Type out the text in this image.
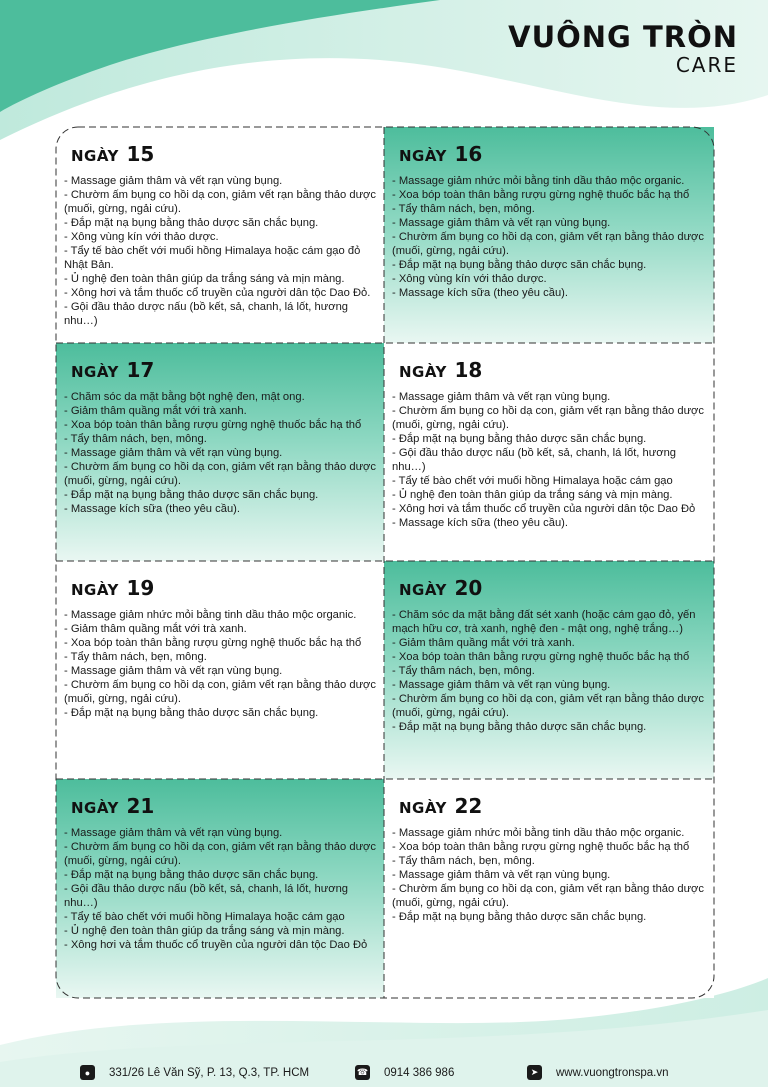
VUÔNG TRÒN
CARE
NGÀY 15
- Massage giảm thâm và vết rạn vùng bụng.
- Chườm ấm bụng co hồi dạ con, giảm vết rạn bằng thảo dược (muối, gừng, ngải cứu).
- Đắp mặt nạ bụng bằng thảo dược săn chắc bụng.
- Xông vùng kín với thảo dược.
- Tẩy tế bào chết với muối hồng Himalaya hoặc cám gạo đỏ Nhật Bản.
- Ủ nghệ đen toàn thân giúp da trắng sáng và mịn màng.
- Xông hơi và tắm thuốc cổ truyền của người dân tộc Dao Đỏ.
- Gội đầu thảo dược nấu (bồ kết, sả, chanh, lá lốt, hương nhu…)
NGÀY 16
- Massage giảm nhức mỏi bằng tinh dầu thảo mộc organic.
- Xoa bóp toàn thân bằng rượu gừng nghệ thuốc bắc hạ thổ
- Tẩy thâm nách, bẹn, mông.
- Massage giảm thâm và vết rạn vùng bụng.
- Chườm ấm bụng co hồi dạ con, giảm vết rạn bằng thảo dược (muối, gừng, ngải cứu).
- Đắp mặt nạ bụng bằng thảo dược săn chắc bụng.
- Xông vùng kín với thảo dược.
- Massage kích sữa (theo yêu cầu).
NGÀY 17
- Chăm sóc da mặt bằng bột nghệ đen, mật ong.
- Giảm thâm quầng mắt với trà xanh.
- Xoa bóp toàn thân bằng rượu gừng nghệ thuốc bắc hạ thổ
- Tẩy thâm nách, bẹn, mông.
- Massage giảm thâm và vết rạn vùng bụng.
- Chườm ấm bụng co hồi dạ con, giảm vết rạn bằng thảo dược (muối, gừng, ngải cứu).
- Đắp mặt nạ bụng bằng thảo dược săn chắc bụng.
- Massage kích sữa (theo yêu cầu).
NGÀY 18
- Massage giảm thâm và vết rạn vùng bụng.
- Chườm ấm bụng co hồi dạ con, giảm vết rạn bằng thảo dược (muối, gừng, ngải cứu).
- Đắp mặt nạ bụng bằng thảo dược săn chắc bụng.
- Gội đầu thảo dược nấu (bồ kết, sả, chanh, lá lốt, hương nhu…)
- Tẩy tế bào chết với muối hồng Himalaya hoặc cám gạo
- Ủ nghệ đen toàn thân giúp da trắng sáng và mịn màng.
- Xông hơi và tắm thuốc cổ truyền của người dân tộc Dao Đỏ
- Massage kích sữa (theo yêu cầu).
NGÀY 19
- Massage giảm nhức mỏi bằng tinh dầu thảo mộc organic.
- Giảm thâm quầng mắt với trà xanh.
- Xoa bóp toàn thân bằng rượu gừng nghệ thuốc bắc hạ thổ
- Tẩy thâm nách, bẹn, mông.
- Massage giảm thâm và vết rạn vùng bụng.
- Chườm ấm bụng co hồi dạ con, giảm vết rạn bằng thảo dược (muối, gừng, ngải cứu).
- Đắp mặt nạ bụng bằng thảo dược săn chắc bụng.
NGÀY 20
- Chăm sóc da mặt bằng đất sét xanh (hoặc cám gạo đỏ, yến mạch hữu cơ, trà xanh, nghệ đen - mật ong, nghệ trắng…)
- Giảm thâm quầng mắt với trà xanh.
- Xoa bóp toàn thân bằng rượu gừng nghệ thuốc bắc hạ thổ
- Tẩy thâm nách, bẹn, mông.
- Massage giảm thâm và vết rạn vùng bụng.
- Chườm ấm bụng co hồi dạ con, giảm vết rạn bằng thảo dược (muối, gừng, ngải cứu).
- Đắp mặt nạ bụng bằng thảo dược săn chắc bụng.
NGÀY 21
- Massage giảm thâm và vết rạn vùng bụng.
- Chườm ấm bụng co hồi dạ con, giảm vết rạn bằng thảo dược (muối, gừng, ngải cứu).
- Đắp mặt nạ bụng bằng thảo dược săn chắc bụng.
- Gội đầu thảo dược nấu (bồ kết, sả, chanh, lá lốt, hương nhu…)
- Tẩy tế bào chết với muối hồng Himalaya hoặc cám gạo
- Ủ nghệ đen toàn thân giúp da trắng sáng và mịn màng.
- Xông hơi và tắm thuốc cổ truyền của người dân tộc Dao Đỏ
NGÀY 22
- Massage giảm nhức mỏi bằng tinh dầu thảo mộc organic.
- Xoa bóp toàn thân bằng rượu gừng nghệ thuốc bắc hạ thổ
- Tẩy thâm nách, bẹn, mông.
- Massage giảm thâm và vết rạn vùng bụng.
- Chườm ấm bụng co hồi dạ con, giảm vết rạn bằng thảo dược (muối, gừng, ngải cứu).
- Đắp mặt nạ bụng bằng thảo dược săn chắc bụng.
●	331/26 Lê Văn Sỹ, P. 13, Q.3, TP. HCM	☎ 0914 386 986	➤	www.vuongtronspa.vn
